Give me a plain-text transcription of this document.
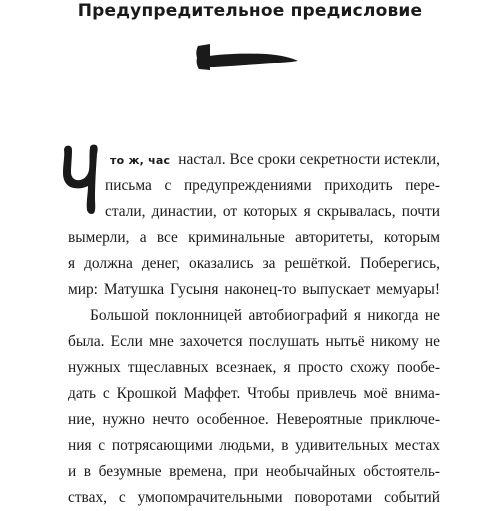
Предупредительное предисловие
то ж, час настал. Все сроки секретности истекли,
письма с предупреждениями приходить пере-
стали, династии, от которых я скрывалась, почти
вымерли, а все криминальные авторитеты, которым
я должна денег, оказались за решёткой. Поберегись,
мир: Матушка Гусыня наконец-то выпускает мемуары!
Большой поклонницей автобиографий я никогда не
была. Если мне захочется послушать нытьё никому не
нужных тщеславных всезнаек, я просто схожу пообе-
дать с Крошкой Маффет. Чтобы привлечь моё внима-
ние, нужно нечто особенное. Невероятные приключе-
ния с потрясающими людьми, в удивительных местах
и в безумные времена, при необычайных обстоятель-
ствах, с умопомрачительными поворотами событий
